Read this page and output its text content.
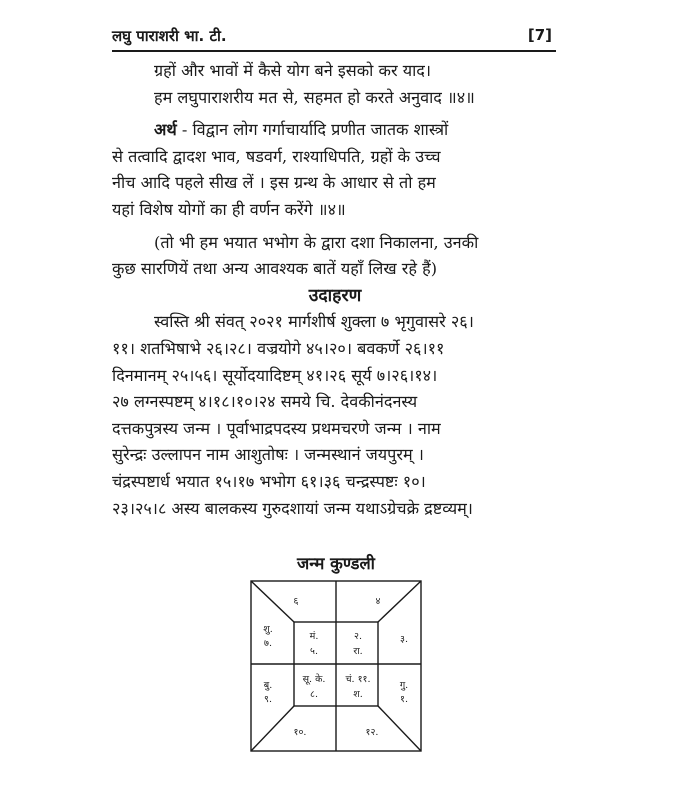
लघु पाराशरी भा. टी.	[7]
ग्रहों और भावों में कैसे योग बने इसको कर याद।
हम लघुपाराशरीय मत से, सहमत हो करते अनुवाद ॥४॥
अर्थ - विद्वान लोग गर्गाचार्यादि प्रणीत जातक शास्त्रों
से तत्वादि द्वादश भाव, षडवर्ग, राश्याधिपति, ग्रहों के उच्च
नीच आदि पहले सीख लें । इस ग्रन्थ के आधार से तो हम
यहां विशेष योगों का ही वर्णन करेंगे ॥४॥
(तो भी हम भयात भभोग के द्वारा दशा निकालना, उनकी
कुछ सारणियें तथा अन्य आवश्यक बातें यहाँ लिख रहे हैं)
उदाहरण
स्वस्ति श्री संवत् २०२१ मार्गशीर्ष शुक्ला ७ भृगुवासरे २६।
११। शतभिषाभे २६।२८। वज्रयोगे ४५।२०। बवकर्णे २६।११
दिनमानम् २५।५६। सूर्योदयादिष्टम् ४१।२६ सूर्य ७।२६।१४।
२७ लग्नस्पष्टम् ४।१८।१०।२४ समये चि. देवकीनंदनस्य
दत्तकपुत्रस्य जन्म । पूर्वाभाद्रपदस्य प्रथमचरणे जन्म । नाम
सुरेन्द्रः उल्लापन नाम आशुतोषः । जन्मस्थानं जयपुरम् ।
चंद्रस्पष्टार्ध भयात १५।१७ भभोग ६१।३६ चन्द्रस्पष्टः १०।
२३।२५।८ अस्य बालकस्य गुरुदशायां जन्म यथाऽग्रेचक्रे द्रष्टव्यम्।
जन्म कुण्डली
६	४
शु.
७.	३.
मं.
५.
२.
रा.
सू. के.
८.
चं. ११.
श.
बु.
९.
गु.
१.
१०.	१२.
